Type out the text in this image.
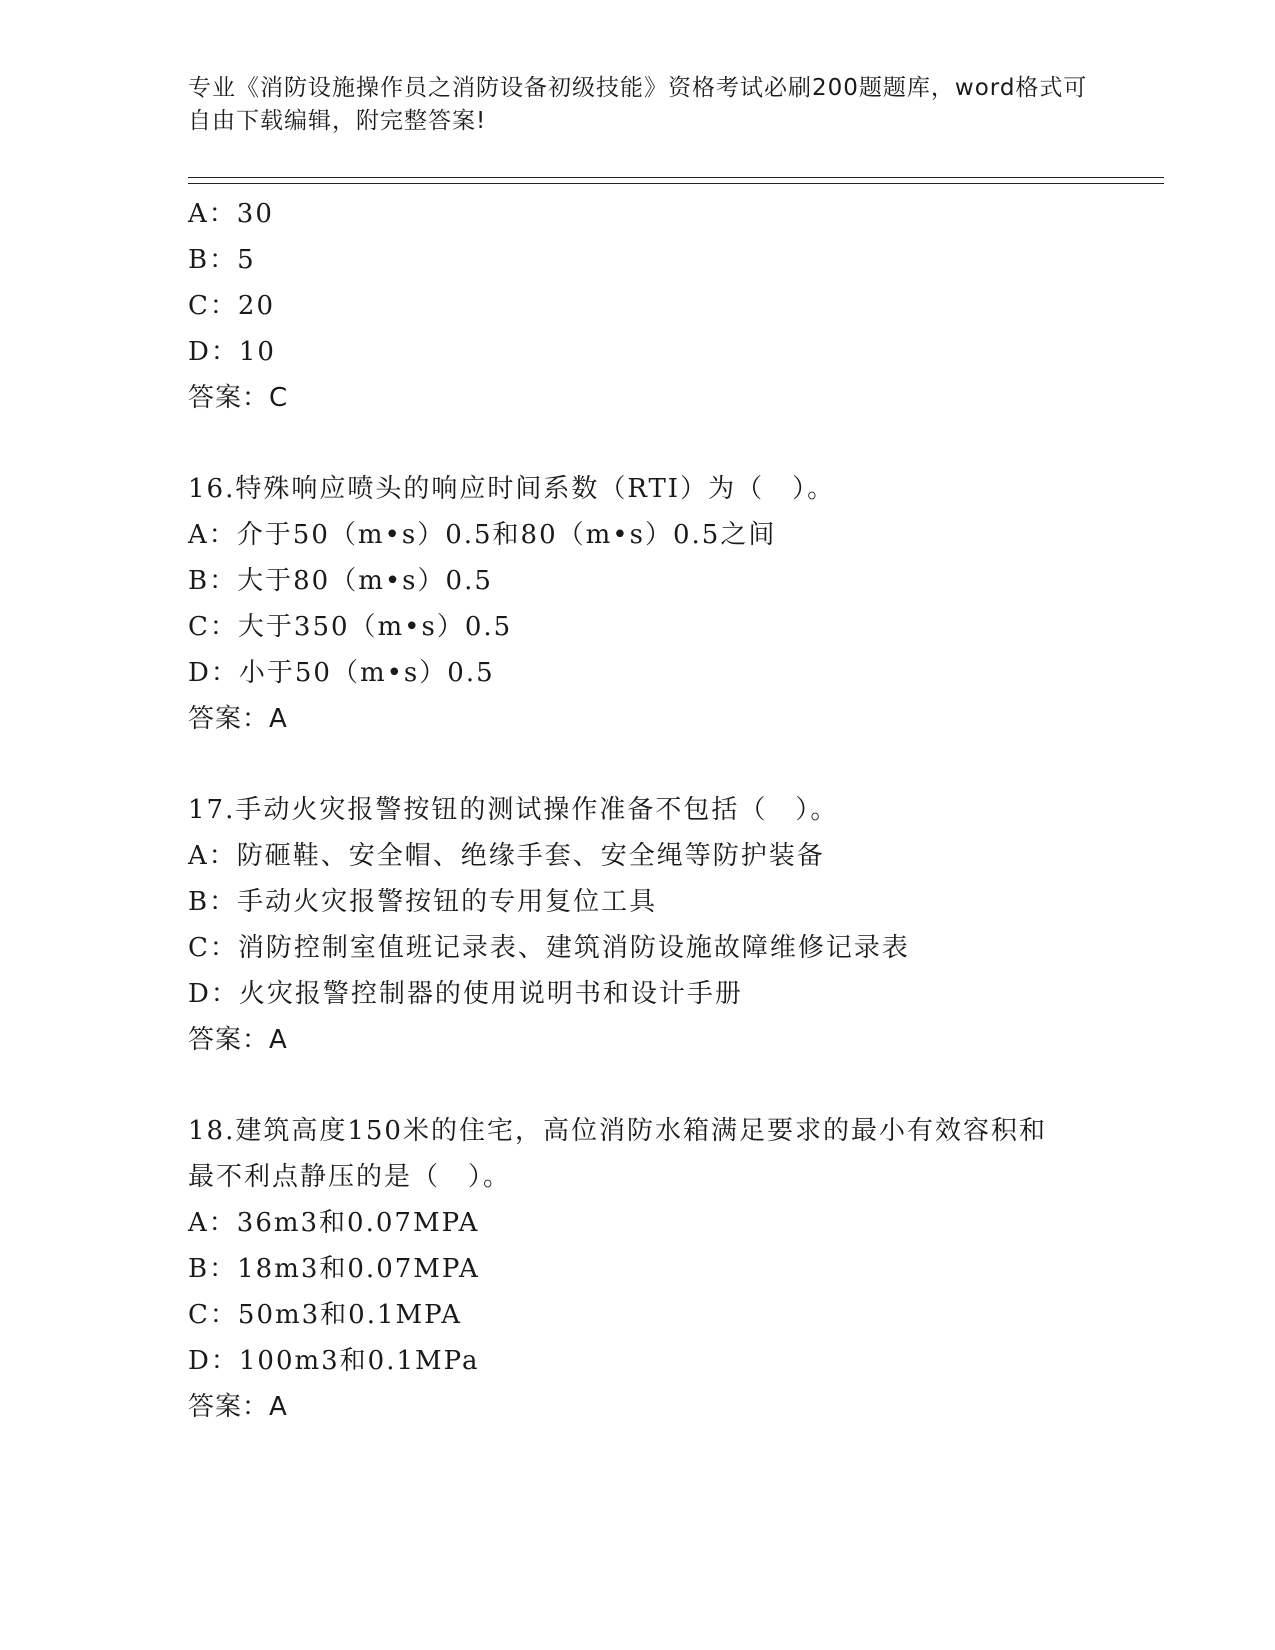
专业《消防设施操作员之消防设备初级技能》资格考试必刷200题题库，word格式可自由下载编辑，附完整答案!
A：30
B：5
C：20
D：10
答案：C
16.特殊响应喷头的响应时间系数（RTI）为（　）。
A：介于50（m•s）0.5和80（m•s）0.5之间
B：大于80（m•s）0.5
C：大于350（m•s）0.5
D：小于50（m•s）0.5
答案：A
17.手动火灾报警按钮的测试操作准备不包括（　）。
A：防砸鞋、安全帽、绝缘手套、安全绳等防护装备
B：手动火灾报警按钮的专用复位工具
C：消防控制室值班记录表、建筑消防设施故障维修记录表
D：火灾报警控制器的使用说明书和设计手册
答案：A
18.建筑高度150米的住宅，高位消防水箱满足要求的最小有效容积和
最不利点静压的是（　）。
A：36m3和0.07MPA
B：18m3和0.07MPA
C：50m3和0.1MPA
D：100m3和0.1MPa
答案：A
